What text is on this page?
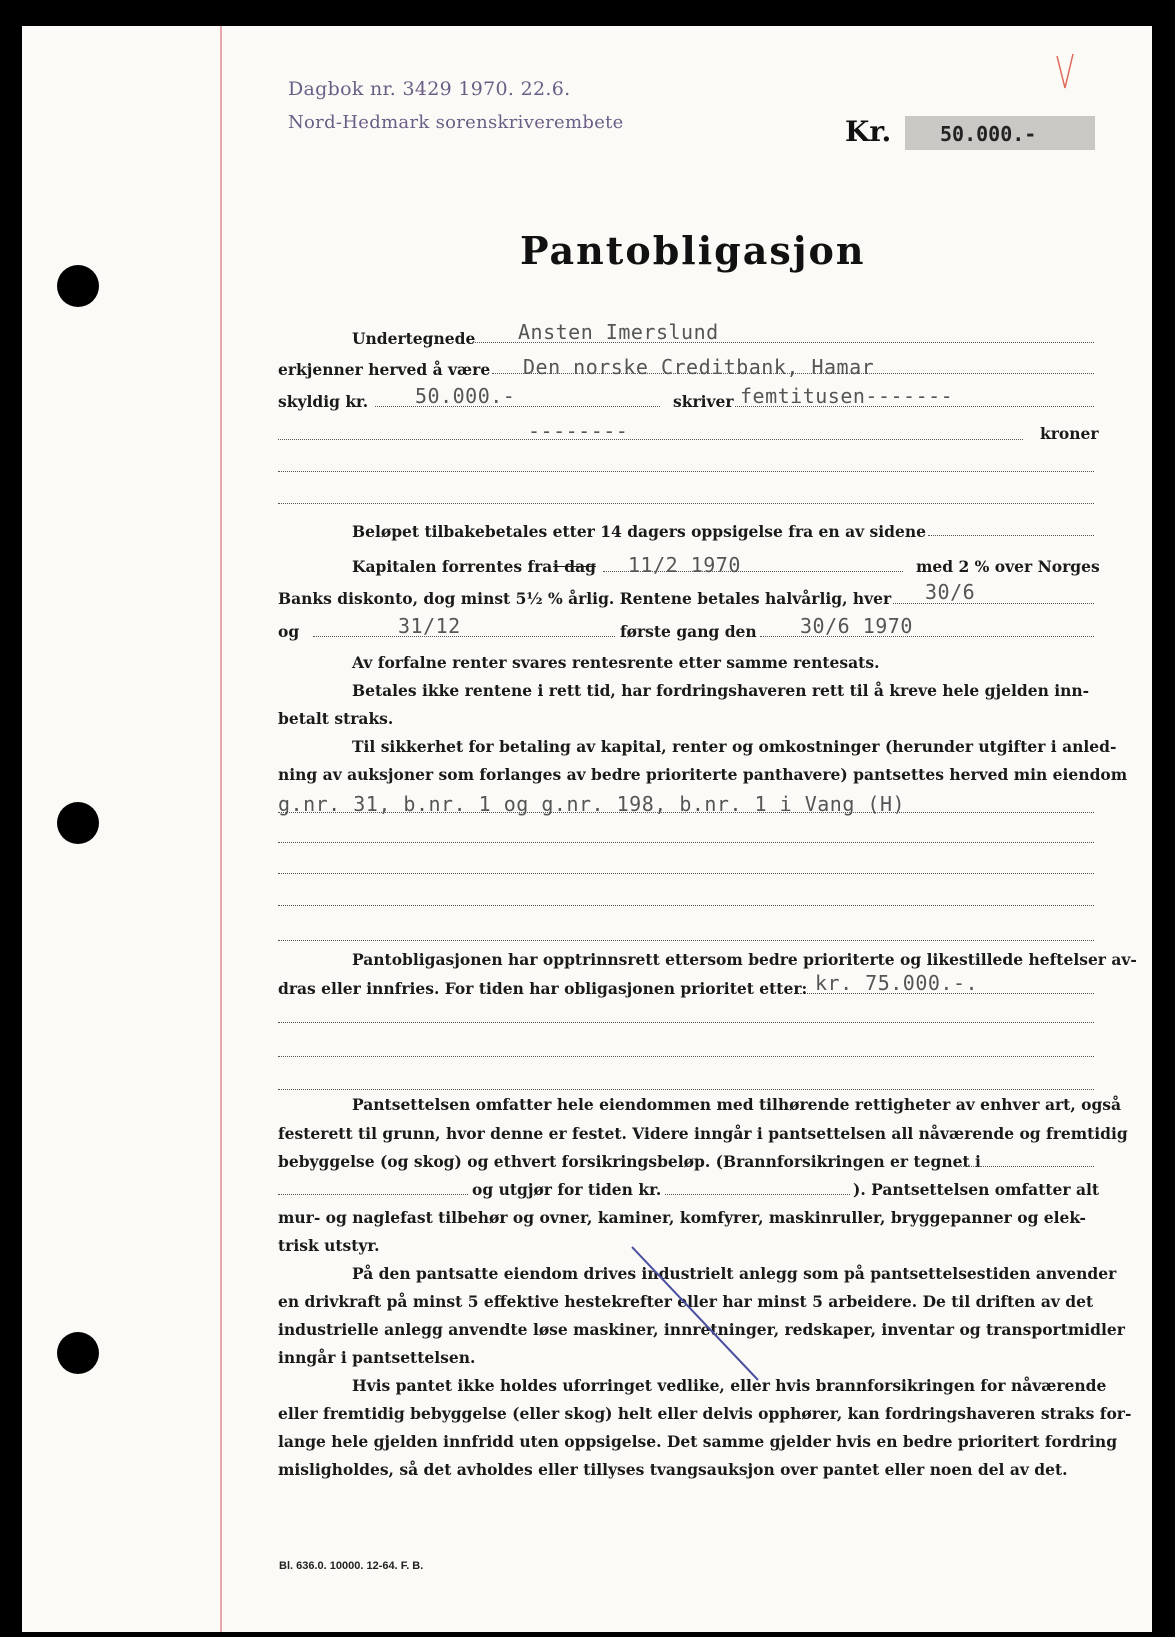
Dagbok nr. 3429 1970. 22.6.
Nord-Hedmark sorenskriverembete	Kr. 50.000.-
Pantobligasjon
Undertegnede Ansten Imerslund
erkjenner herved å være Den norske Creditbank, Hamar
skyldig kr. 50.000.-	skriver femtitusen-------
--------	kroner
Beløpet tilbakebetales etter 14 dagers oppsigelse fra en av sidene
Kapitalen forrentes fra i dag 11/2 1970	med 2 % over Norges
Banks diskonto, dog minst 5½ % årlig. Rentene betales halvårlig, hver 30/6
og	31/12	første gang den 30/6 1970
Av forfalne renter svares rentesrente etter samme rentesats.
Betales ikke rentene i rett tid, har fordringshaveren rett til å kreve hele gjelden inn-
betalt straks.
Til sikkerhet for betaling av kapital, renter og omkostninger (herunder utgifter i anled-
ning av auksjoner som forlanges av bedre prioriterte panthavere) pantsettes herved min eiendom
g.nr. 31, b.nr. 1 og g.nr. 198, b.nr. 1 i Vang (H)
Pantobligasjonen har opptrinnsrett ettersom bedre prioriterte og likestillede heftelser av-
dras eller innfries. For tiden har obligasjonen prioritet etter: kr. 75.000.-.
Pantsettelsen omfatter hele eiendommen med tilhørende rettigheter av enhver art, også
festerett til grunn, hvor denne er festet. Videre inngår i pantsettelsen all nåværende og fremtidig
bebyggelse (og skog) og ethvert forsikringsbeløp. (Brannforsikringen er tegnet i
og utgjør for tiden kr.	). Pantsettelsen omfatter alt
mur- og naglefast tilbehør og ovner, kaminer, komfyrer, maskinruller, bryggepanner og elek-
trisk utstyr.
På den pantsatte eiendom drives industrielt anlegg som på pantsettelsestiden anvender
en drivkraft på minst 5 effektive hestekrefter eller har minst 5 arbeidere. De til driften av det
industrielle anlegg anvendte løse maskiner, innretninger, redskaper, inventar og transportmidler
inngår i pantsettelsen.
Hvis pantet ikke holdes uforringet vedlike, eller hvis brannforsikringen for nåværende
eller fremtidig bebyggelse (eller skog) helt eller delvis opphører, kan fordringshaveren straks for-
lange hele gjelden innfridd uten oppsigelse. Det samme gjelder hvis en bedre prioritert fordring
misligholdes, så det avholdes eller tillyses tvangsauksjon over pantet eller noen del av det.
Bl. 636.0. 10000. 12-64. F. B.
